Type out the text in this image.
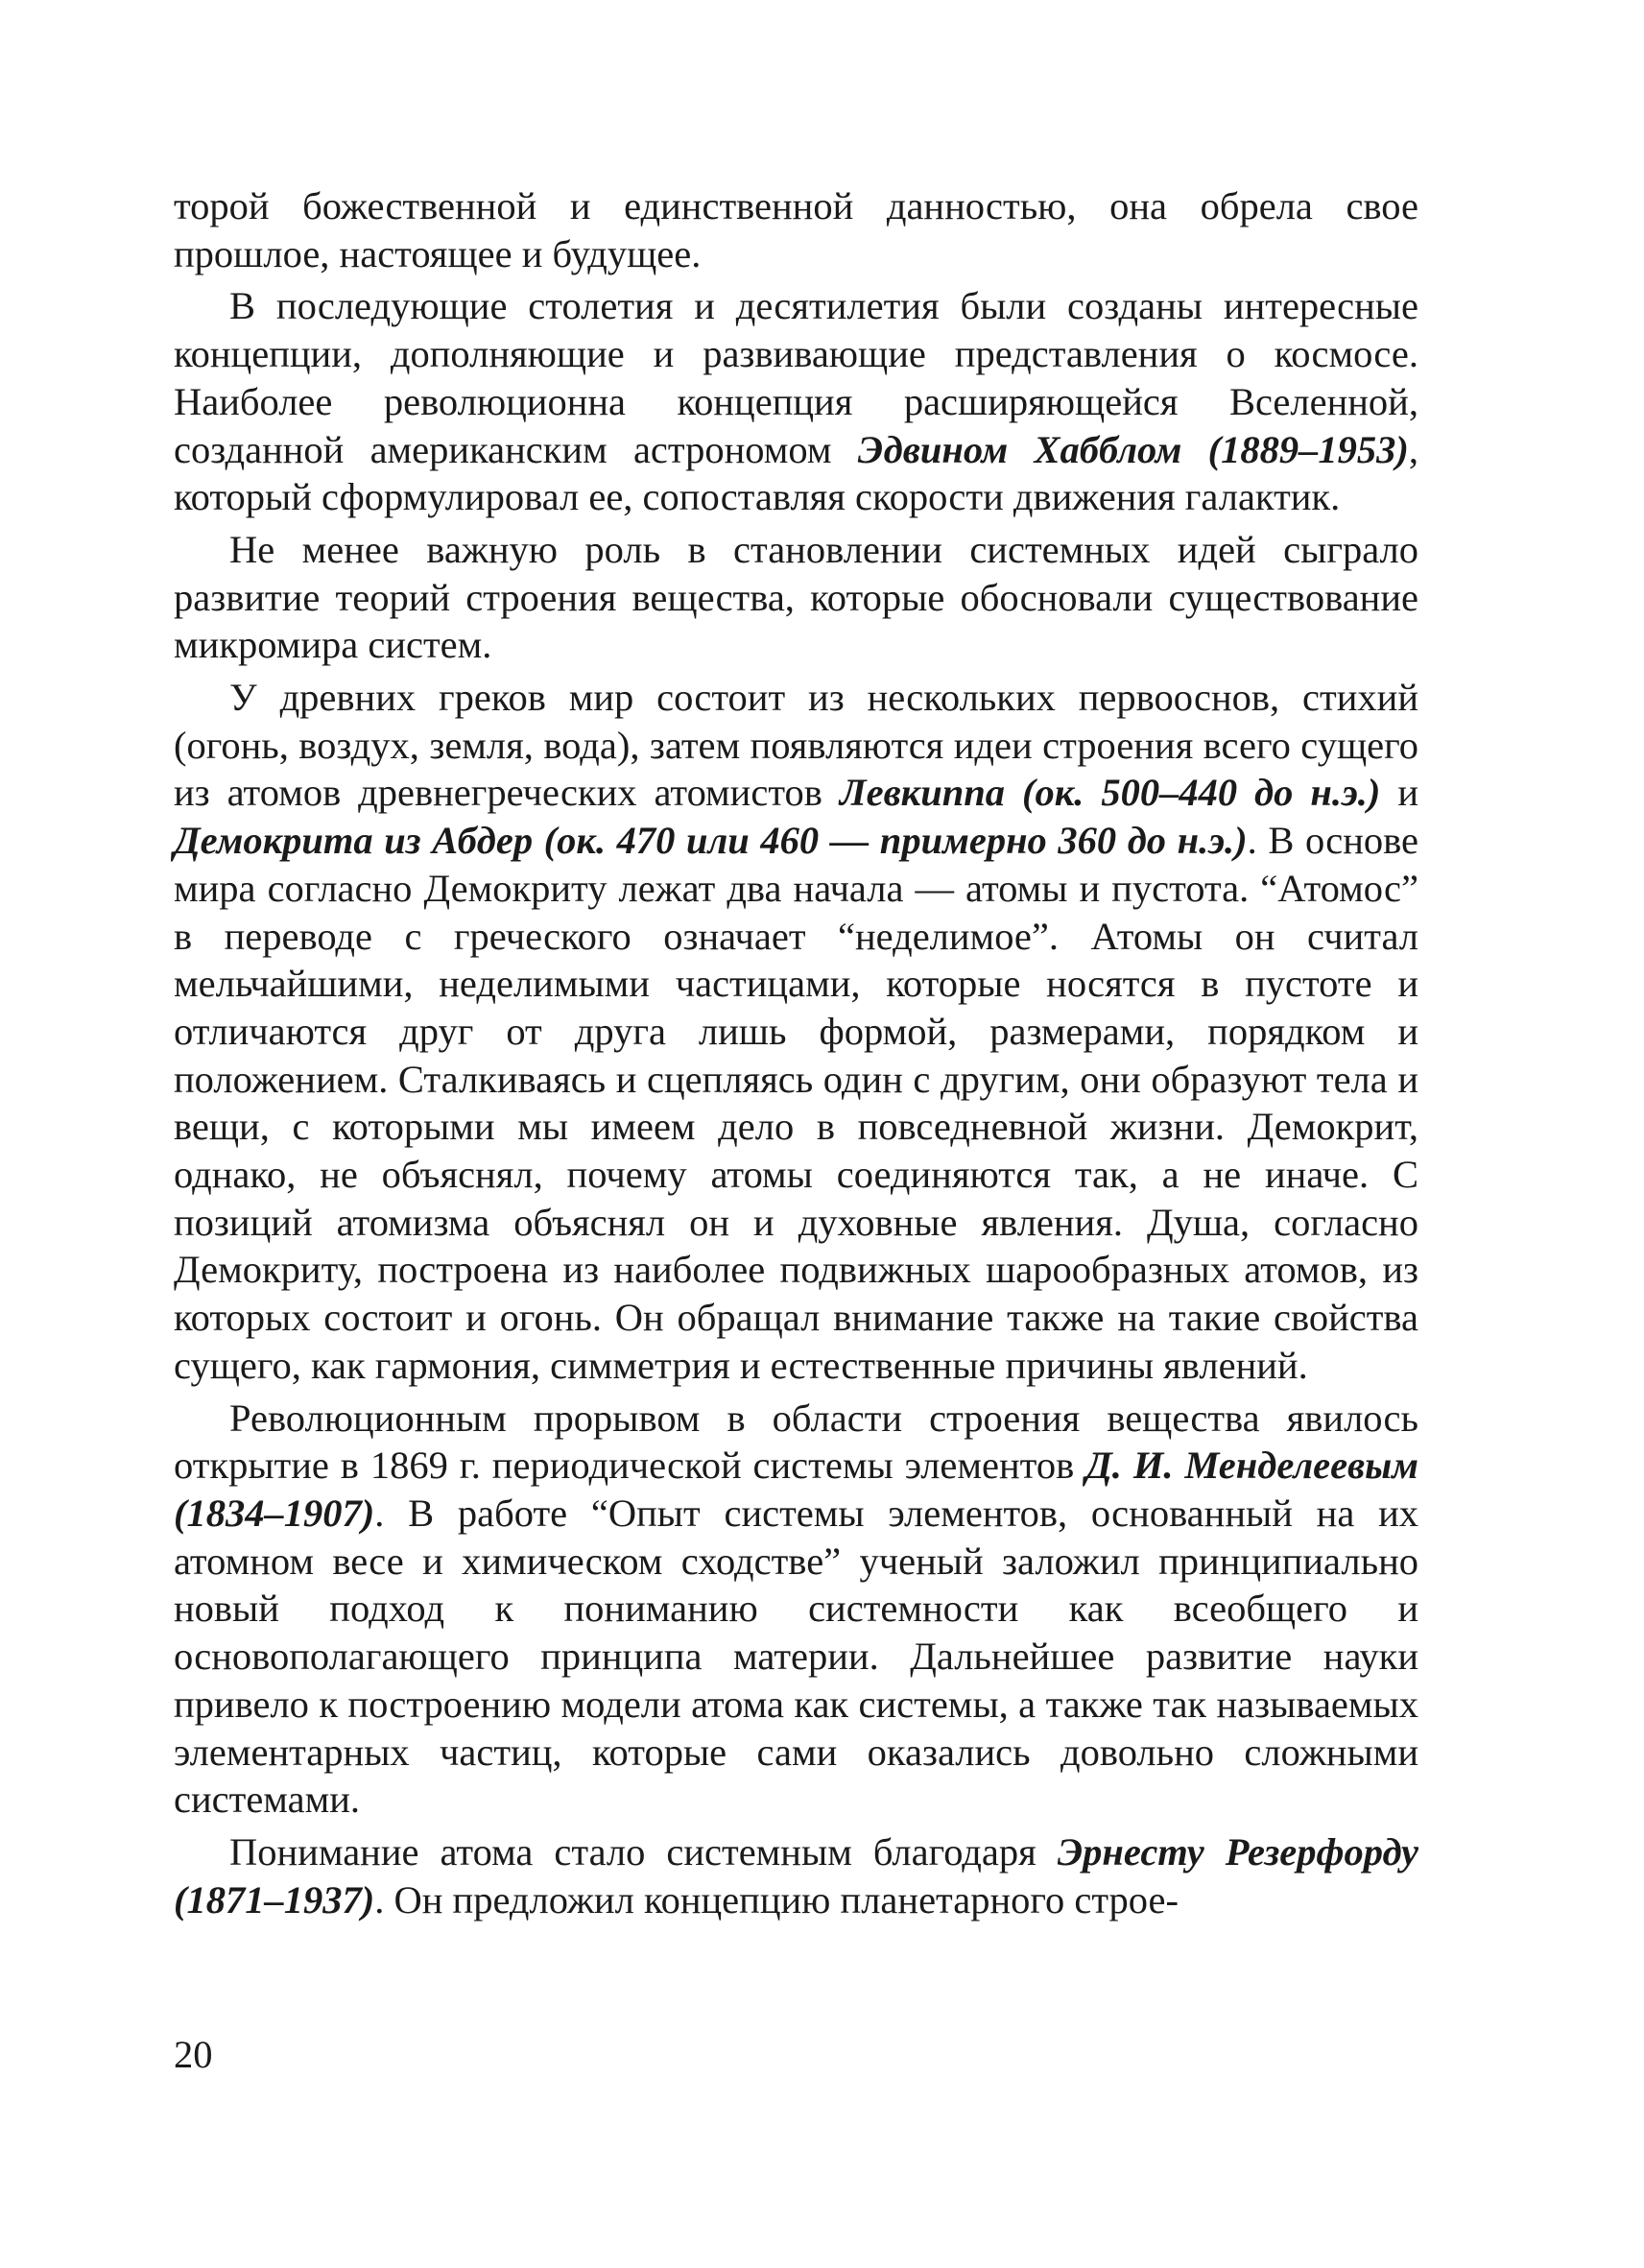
торой божественной и единственной данностью, она обрела свое прошлое, настоящее и будущее.

В последующие столетия и десятилетия были созданы интересные концепции, дополняющие и развивающие представления о космосе. Наиболее революционна концепция расширяющейся Вселенной, созданной американским астрономом Эдвином Хабблом (1889–1953), который сформулировал ее, сопоставляя скорости движения галактик.

Не менее важную роль в становлении системных идей сыграло развитие теорий строения вещества, которые обосновали существование микромира систем.

У древних греков мир состоит из нескольких первооснов, стихий (огонь, воздух, земля, вода), затем появляются идеи строения всего сущего из атомов древнегреческих атомистов Левкиппа (ок. 500–440 до н.э.) и Демокрита из Абдер (ок. 470 или 460 — примерно 360 до н.э.). В основе мира согласно Демокриту лежат два начала — атомы и пустота. “Атомос” в переводе с греческого означает “неделимое”. Атомы он считал мельчайшими, неделимыми частицами, которые носятся в пустоте и отличаются друг от друга лишь формой, размерами, порядком и положением. Сталкиваясь и сцепляясь один с другим, они образуют тела и вещи, с которыми мы имеем дело в повседневной жизни. Демокрит, однако, не объяснял, почему атомы соединяются так, а не иначе. С позиций атомизма объяснял он и духовные явления. Душа, согласно Демокриту, построена из наиболее подвижных шарообразных атомов, из которых состоит и огонь. Он обращал внимание также на такие свойства сущего, как гармония, симметрия и естественные причины явлений.

Революционным прорывом в области строения вещества явилось открытие в 1869 г. периодической системы элементов Д. И. Менделеевым (1834–1907). В работе “Опыт системы элементов, основанный на их атомном весе и химическом сходстве” ученый заложил принципиально новый подход к пониманию системности как всеобщего и основополагающего принципа материи. Дальнейшее развитие науки привело к построению модели атома как системы, а также так называемых элементарных частиц, которые сами оказались довольно сложными системами.

Понимание атома стало системным благодаря Эрнесту Резерфорду (1871–1937). Он предложил концепцию планетарного строе-

20
